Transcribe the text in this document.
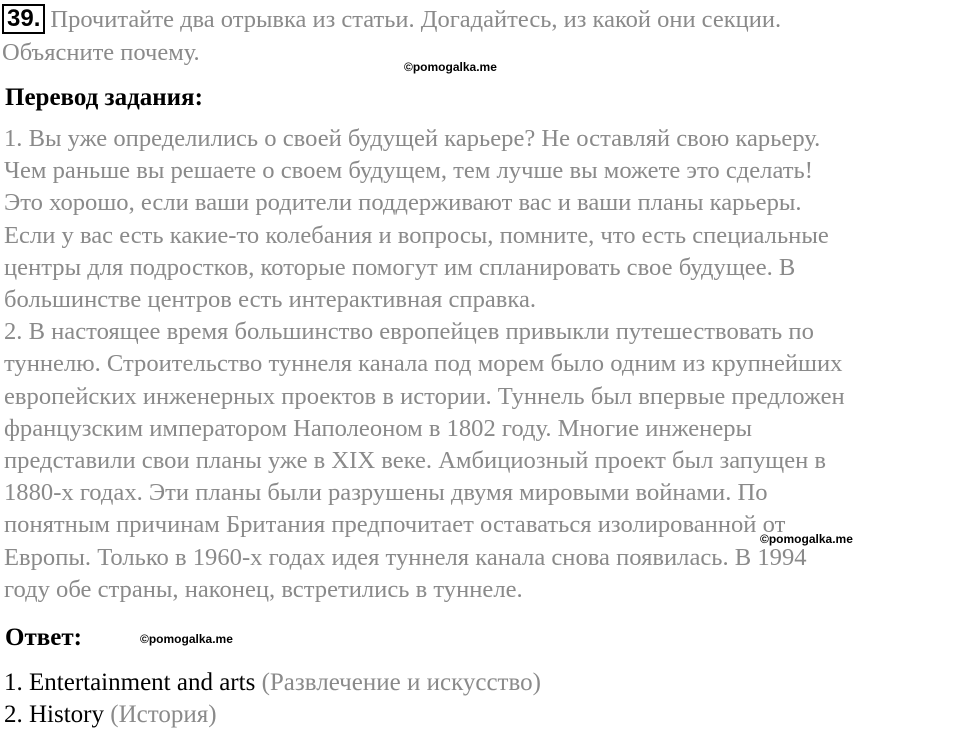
39. Прочитайте два отрывка из статьи. Догадайтесь, из какой они секции.
Объясните почему.
©pomogalka.me
Перевод задания:
1. Вы уже определились о своей будущей карьере? Не оставляй свою карьеру.
Чем раньше вы решаете о своем будущем, тем лучше вы можете это сделать!
Это хорошо, если ваши родители поддерживают вас и ваши планы карьеры.
Если у вас есть какие-то колебания и вопросы, помните, что есть специальные
центры для подростков, которые помогут им спланировать свое будущее. В
большинстве центров есть интерактивная справка.
2. В настоящее время большинство европейцев привыкли путешествовать по
туннелю. Строительство туннеля канала под морем было одним из крупнейших
европейских инженерных проектов в истории. Туннель был впервые предложен
французским императором Наполеоном в 1802 году. Многие инженеры
представили свои планы уже в XIX веке. Амбициозный проект был запущен в
1880-х годах. Эти планы были разрушены двумя мировыми войнами. По
понятным причинам Британия предпочитает оставаться изолированной от
Европы. Только в 1960-х годах идея туннеля канала снова появилась. В 1994
году обе страны, наконец, встретились в туннеле.
©pomogalka.me
Ответ:	©pomogalka.me
1. Entertainment and arts (Развлечение и искусство)
2. History (История)
